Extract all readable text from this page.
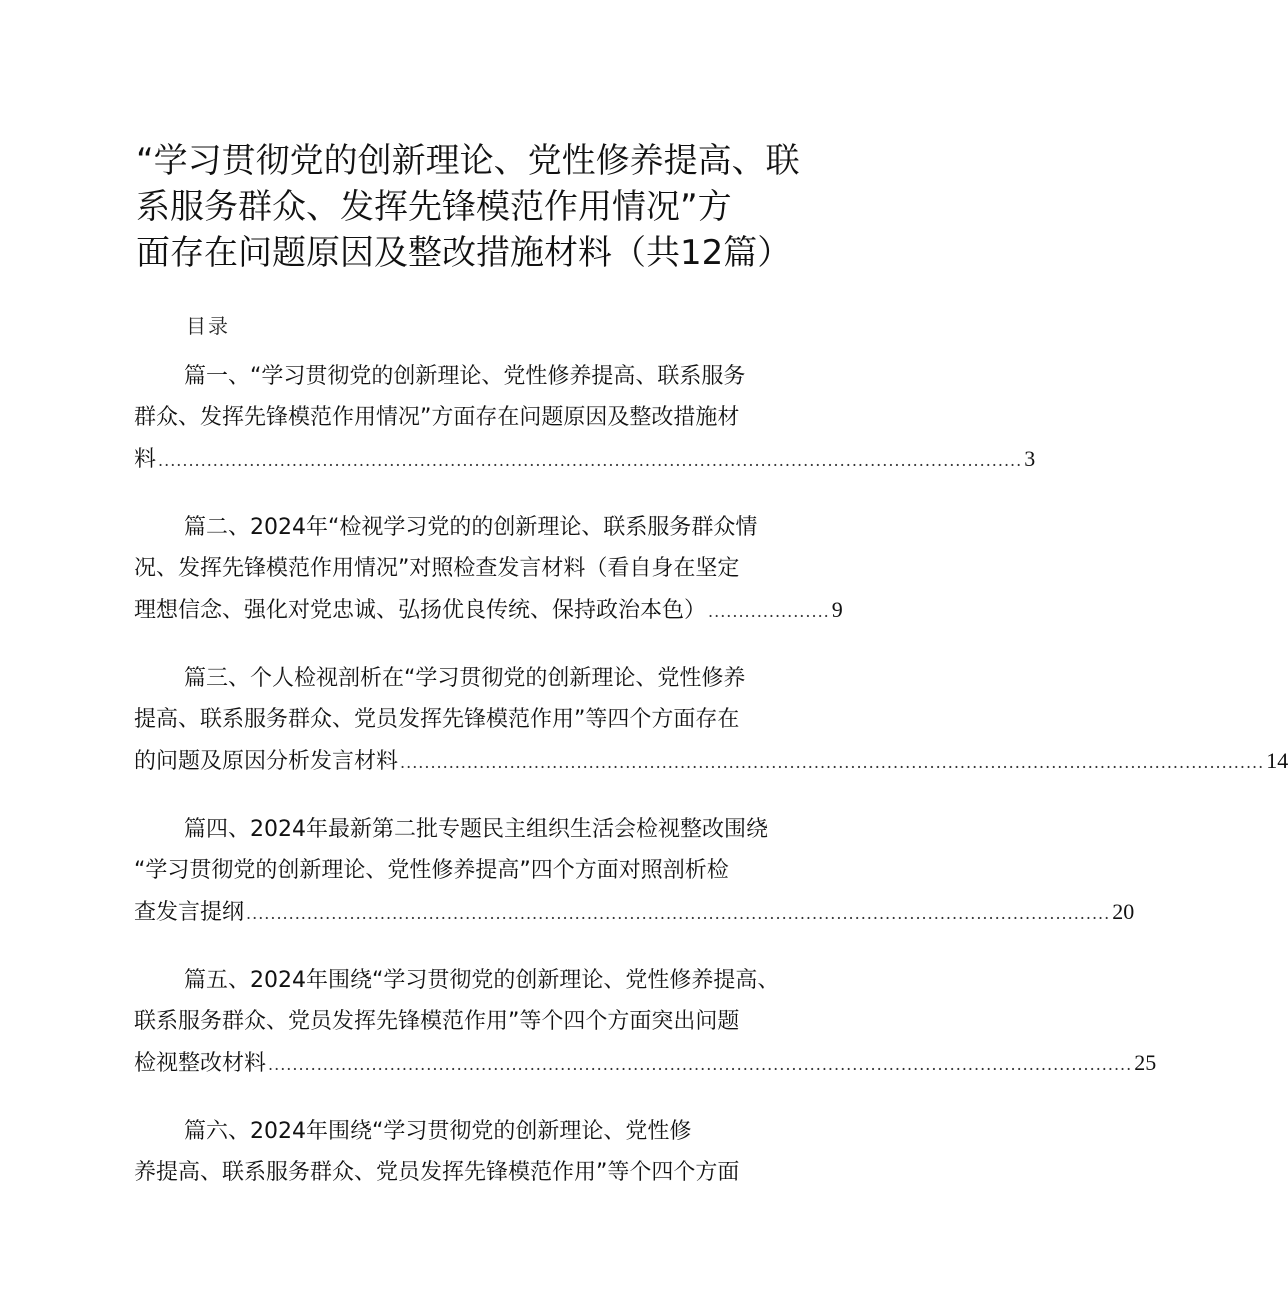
“学习贯彻党的创新理论、党性修养提高、联
系服务群众、发挥先锋模范作用情况”方
面存在问题原因及整改措施材料（共12篇）
目录
篇一、“学习贯彻党的创新理论、党性修养提高、联系服务
群众、发挥先锋模范作用情况”方面存在问题原因及整改措施材
料 .............................................................................................................................................. 3
篇二、2024年“检视学习党的的创新理论、联系服务群众情
况、发挥先锋模范作用情况”对照检查发言材料（看自身在坚定
理想信念、强化对党忠诚、弘扬优良传统、保持政治本色） .................... 9
篇三、个人检视剖析在“学习贯彻党的创新理论、党性修养
提高、联系服务群众、党员发挥先锋模范作用”等四个方面存在
的问题及原因分析发言材料 .............................................................................................................................................. 14
篇四、2024年最新第二批专题民主组织生活会检视整改围绕
“学习贯彻党的创新理论、党性修养提高”四个方面对照剖析检
查发言提纲 .............................................................................................................................................. 20
篇五、2024年围绕“学习贯彻党的创新理论、党性修养提高、
联系服务群众、党员发挥先锋模范作用”等个四个方面突出问题
检视整改材料 .............................................................................................................................................. 25
篇六、2024年围绕“学习贯彻党的创新理论、党性修
养提高、联系服务群众、党员发挥先锋模范作用”等个四个方面
